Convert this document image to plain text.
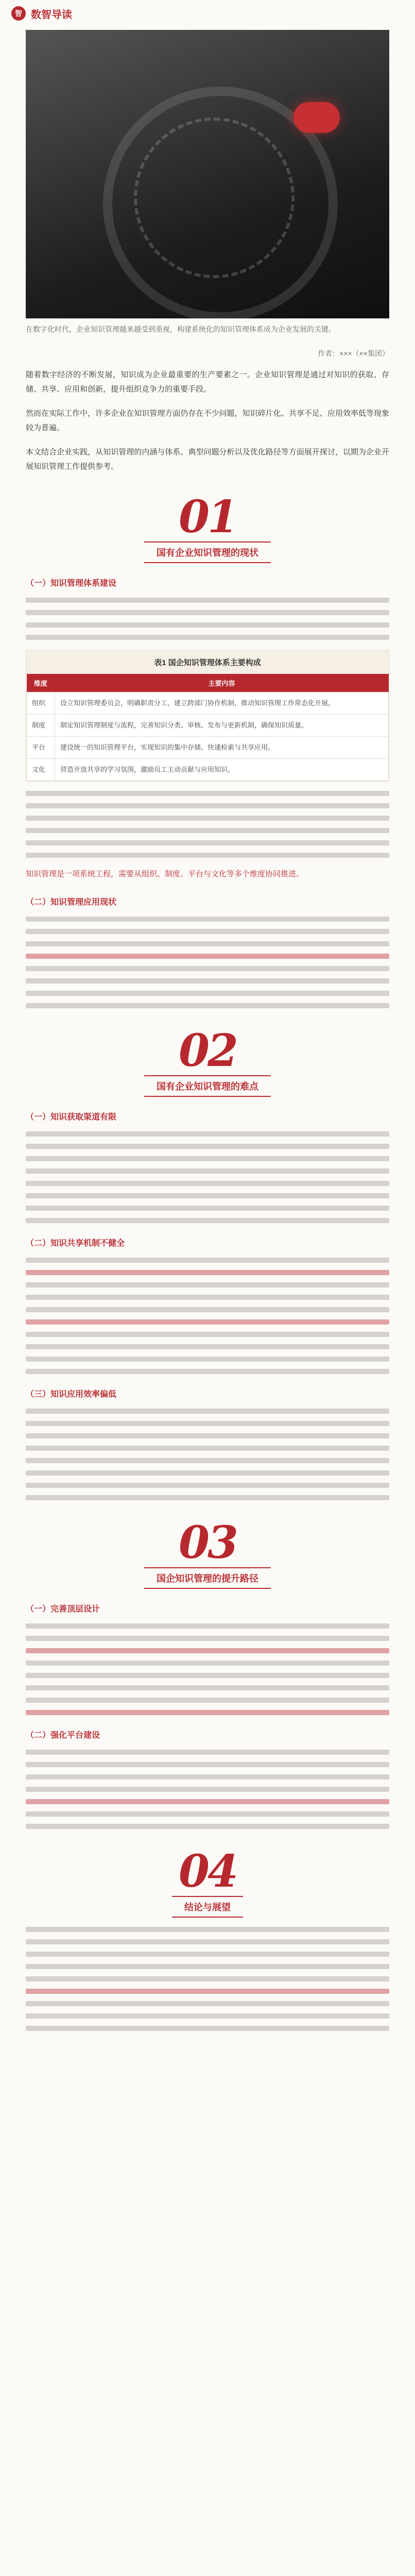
智 数智导读
在数字化时代，企业知识管理越来越受到重视，构建系统化的知识管理体系成为企业发展的关键。
作者：×××（××集团）
随着数字经济的不断发展，知识成为企业最重要的生产要素之一。企业知识管理是通过对知识的获取、存储、共享、应用和创新，提升组织竞争力的重要手段。
然而在实际工作中，许多企业在知识管理方面仍存在不少问题，知识碎片化、共享不足、应用效率低等现象较为普遍。
本文结合企业实践，从知识管理的内涵与体系、典型问题分析以及优化路径等方面展开探讨，以期为企业开展知识管理工作提供参考。
01
国有企业知识管理的现状
（一）知识管理体系建设
表1 国企知识管理体系主要构成
维度	主要内容
组织	设立知识管理委员会，明确职责分工，建立跨部门协作机制，推动知识管理工作常态化开展。
制度	制定知识管理制度与流程，完善知识分类、审核、发布与更新机制，确保知识质量。
平台	建设统一的知识管理平台，实现知识的集中存储、快速检索与共享应用。
文化	营造开放共享的学习氛围，激励员工主动贡献与应用知识。
知识管理是一项系统工程，需要从组织、制度、平台与文化等多个维度协同推进。
（二）知识管理应用现状
02
国有企业知识管理的难点
（一）知识获取渠道有限
（二）知识共享机制不健全
（三）知识应用效率偏低
03
国企知识管理的提升路径
（一）完善顶层设计
（二）强化平台建设
04
结论与展望
